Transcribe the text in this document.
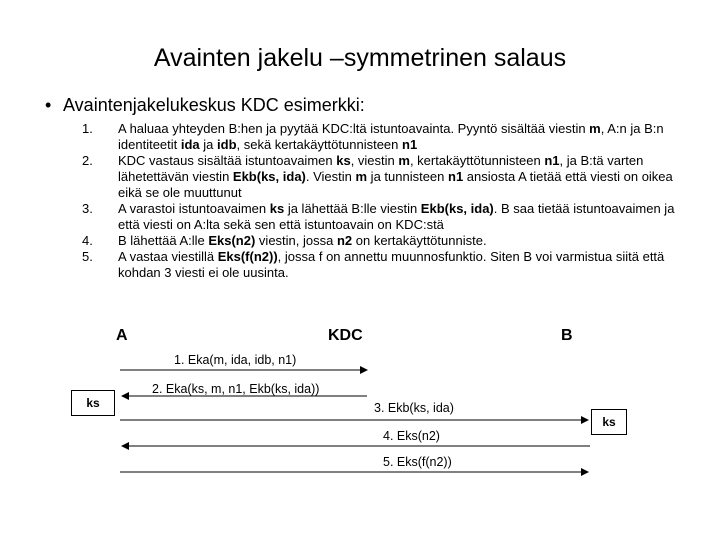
Avainten jakelu –symmetrinen salaus
• Avaintenjakelukeskus KDC esimerkki:
1.	A haluaa yhteyden B:hen ja pyytää KDC:ltä istuntoavainta. Pyyntö sisältää viestin m, A:n ja B:n identiteetit ida ja idb, sekä kertakäyttötunnisteen n1
2.	KDC vastaus sisältää istuntoavaimen ks, viestin m, kertakäyttötunnisteen n1, ja B:tä varten lähetettävän viestin Ekb(ks, ida). Viestin m ja tunnisteen n1 ansiosta A tietää että viesti on oikea eikä se ole muuttunut
3.	A varastoi istuntoavaimen ks ja lähettää B:lle viestin Ekb(ks, ida). B saa tietää istuntoavaimen ja että viesti on A:lta sekä sen että istuntoavain on KDC:stä
4.	B lähettää A:lle Eks(n2) viestin, jossa n2 on kertakäyttötunniste.
5.	A vastaa viestillä Eks(f(n2)), jossa f on annettu muunnosfunktio. Siten B voi varmistua siitä että kohdan 3 viesti ei ole uusinta.
A	KDC	B
1. Eka(m, ida, idb, n1)
2. Eka(ks, m, n1, Ekb(ks, ida))
3. Ekb(ks, ida)
4. Eks(n2)
5. Eks(f(n2))
ks
ks
